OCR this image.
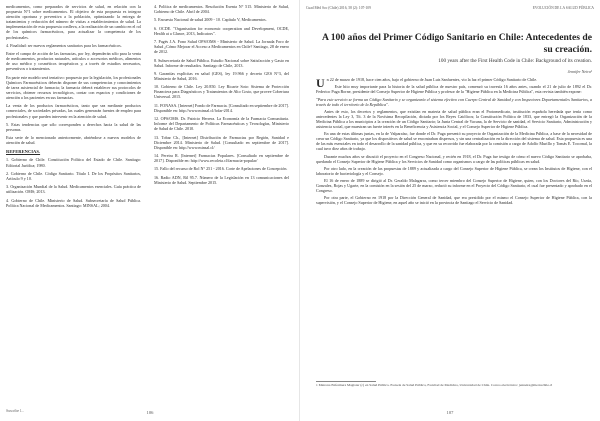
medicamentos, como preparados de servicios de salud, en relación con la propuesta N°1 sobre medicamentos. El objetivo de esta propuesta es integrar atención oportuna y preventiva a la población, optimizando la entrega de tratamientos y reducción del número de visitas a establecimientos de salud. La implementación de esta propuesta conlleva, a la realización de un cambio en el rol de los químicos farmacéuticos, para actualizar la competencia de los profesionales.

4. Finalidad: ser nuevos reglamentos sanitarios para los farmacéuticos.

Entre el campo de acción de las farmacias, por ley, dependerán sólo para la venta de medicamentos, productos naturales, artículos o accesorios médicos, alimentos de uso médico y cosméticos terapéuticos y, a través de estudios necesarios, preventivos o tratamientos.

En parte este modelo será tentativo: propuesto por la legislación, los profesionales Químicos Farmacéuticos deberán disponer de sus competencias y conocimientos de tarea asistencial de farmacia; la farmacia deberá establecer sus protocolos de servicios, obtener recursos tecnológicos, contar con espacios y condiciones de atención a los pacientes en sus farmacias.

La venta de los productos farmacéuticos, tanto que sea mediante productos comerciales, de sociedades privadas, las cuales generarán fuentes de empleo para profesionales y que pueden intervenir en la atención de salud.

5. Estas tendencias que sólo corresponden a derechos hacia la salud de las personas.

Esta serie de lo mencionado anteriormente, abriéndose a nuevos modelos de atención de salud.

REFERENCIAS.

1. Gobierno de Chile. Constitución Política del Estado de Chile. Santiago: Editorial Jurídica; 1980.

2. Gobierno de Chile. Código Sanitario. Título I. De los Propósitos Sanitarios, Artículo 9 y 10.

3. Organización Mundial de la Salud. Medicamentos esenciales. Guía práctica de utilización. OMS; 2013.

4. Gobierno de Chile. Ministerio de Salud. Subsecretaría de Salud Pública. Política Nacional de Medicamentos. Santiago: MINSAL; 2004.

4. Política de medicamentos. Resolución Exenta N° 515. Ministerio de Salud, Gobierno de Chile. Abril de 2004.

5. Encuesta Nacional de salud 2009 - 10. Capítulo V, Medicamentos.

6. OCDE. "Organisation for economic cooperation and Development, OCDE, Health at a Glance, 2013, Indicators".

7. Pagés J.A. Fono Salud OPS/OMS - Ministerio de Salud. La Jornada Foro de Salud ¿Cómo Mejorar el Acceso a Medicamentos en Chile? Santiago, 28 de enero de 2012.

8. Subsecretaría de Salud Pública. Estudio Nacional sobre Satisfacción y Gasto en Salud. Informe de resultados. Santiago de Chile, 2013.

9. Garantías explícitas en salud (GES), ley 19.966 y decreto GES N°3, del Ministerio de Salud, 2016.

10. Gobierno de Chile. Ley 20.850. Ley Ricarte Soto: Sistema de Protección Financiera para Diagnósticos y Tratamientos de Alto Costo, que provee Cobertura Universal. 2015.

11. FONASA. [Internet] Fondo de Farmacia. [Consultado en septiembre de 2017]. Disponible en: http://www.minsal.cl/fofar-2014.

12. OPS/OMS. Dr. Patricio Herrera. La Economía de la Farmacia Comunitaria. Informe del Departamento de Políticas Farmacéuticas y Tecnologías, Ministerio de Salud de Chile. 2010.

13. Tobar Ch., [Internet] Distribución de Farmacias por Región, Sanidad e Diciembre 2014. Ministerio de Salud. [Consultado en septiembre de 2017]. Disponible en: http://www.minsal.cl/

14. Pereira R. [Internet] Farmacias Populares. [Consultado en septiembre de 2017]. Disponible en: http://www.recoleta.cl/farmacia-popular/

15. Fallo del recurso de Rol N° 251 - 2016. Corte de Apelaciones de Concepción.

16. Radio ADN, Ril 95.7. Número de la Legislación en 13 comunicaciones del Ministerio de Salud. Septiembre 2015.

Suscribe l...	106
Cuad Méd Soc (Chile) 2016, 58 (2): 107-109	EVOLUCIÓN DE LA SALUD PÚBLICA
A 100 años del Primer Código Sanitario en Chile: Antecedentes de su creación.
100 years after the First Health Code in Chile: Background of its creation.
Jennifer Neira¹

Un 22 de marzo de 1918, hace cien años, bajo el gobierno de Juan Luis Sanfuentes, vio la luz el primer Código Sanitario de Chile.

Este hito muy importante para la historia de la salud pública de nuestro país, comenzó su travesía 16 años antes, cuando el 21 de julio de 1892 el Dr. Federico Puga Borne, presidente del Consejo Superior de Higiene Pública y profesor de la "Higiene Pública en la Medicina Pública", esta revista también expone:

"Para este servicio se forma un Código Sanitario y se organizaría el sistema efectivo con Cuerpo Central de Sanidad y con Inspectores Departamentales Sanitarios, a través de todo el territorio de la República".

Antes de esto, los decretos y reglamentos, que existían en materia de salud pública eran el Protomedicato, institución española heredada que tenía como antecedentes la Ley 3, Tít. 3 de la Novísima Recopilación, dictada por los Reyes Católicos; la Constitución Política de 1833, que entregó la Organización de la Medicina Pública a los municipios a la creación de un Código Sanitario; la Junta Central de Vacuna, la de Servicio de sanidad, el Servicio Sanitario, Administración y asistencia social, que muestran un fuerte interés en la Beneficencia y Asistencia Social, y el Consejo Superior de Higiene Pública.

En una de estas últimas juntas, en la de Valparaíso, fue donde el Dr. Puga presentó su proyecto de Organización de la Medicina Pública, a base de la necesidad de crear un Código Sanitario, ya que los dispositivos de salud se encontraban dispersos, y sin una centralización en la dirección del sistema de salud. Esta propuesta es una de las más esenciales en todo el desarrollo de la sanidad pública, y que en su recorrido fue elaborada por la comisión a cargo de Adolfo Murillo y Tomás E. Tocornal, la cual tuvo diez años de trabajo.

Durante muchos años se discutió el proyecto en el Congreso Nacional, y recién en 1918, el Dr. Puga fue testigo de cómo el nuevo Código Sanitario se aprobaba, quedando el Consejo Superior de Higiene Pública y los Servicios de Sanidad como organismos a cargo de las políticas públicas en salud.

Por otro lado, en la creación de las propuestas de 1889 y actualizada a cargo del Consejo Superior de Higiene Pública, se crean los Institutos de Higiene, con el laboratorio de bacteriología y el Consejo.

El 16 de enero de 1889 se dirigió al Dr. Geraldo Malagarra, como tercer miembro del Consejo Superior de Higiene, quien, con los Doctores del Río, Urzúa, Gonzalez, Rojas y Ugarte, en la comisión en la sesión del 25 de marzo, redactó su informe en el Proyecto del Código Sanitario, el cual fue presentado y aprobado en el Congreso.

Por otra parte, el Gobierno en 1918 por la Dirección General de Sanidad, que era presidido por el mismo el Consejo Superior de Higiene Pública, con la supervisión, y el Consejo Superior de Higiene, en aquel año se inició en la provincia de Santiago el Servicio de Sanidad.

1 Matrona Enfermera Magíster (c) en Salud Pública. Escuela de Salud Pública, Facultad de Medicina, Universidad de Chile. Correo electrónico: jenneira@med.uchile.cl
107
